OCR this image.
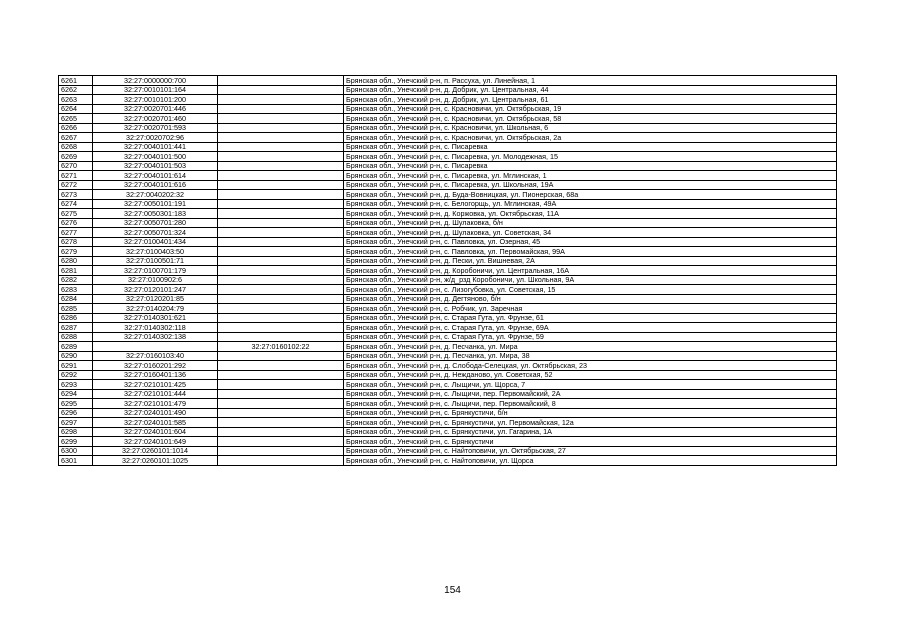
6261	32:27:0000000:700		Брянская обл., Унечский р-н, п. Рассуха, ул. Линейная, 1
6262	32:27:0010101:164		Брянская обл., Унечский р-н, д. Добрик, ул. Центральная, 44
6263	32:27:0010101:200		Брянская обл., Унечский р-н, д. Добрик, ул. Центральная, 61
6264	32:27:0020701:446		Брянская обл., Унечский р-н, с. Красновичи, ул. Октябрьская, 19
6265	32:27:0020701:460		Брянская обл., Унечский р-н, с. Красновичи, ул. Октябрьская, 58
6266	32:27:0020701:593		Брянская обл., Унечский р-н, с. Красновичи, ул. Школьная, 6
6267	32:27:0020702:96		Брянская обл., Унечский р-н, с. Красновичи, ул. Октябрьская, 2а
6268	32:27:0040101:441		Брянская обл., Унечский р-н, с. Писаревка
6269	32:27:0040101:500		Брянская обл., Унечский р-н, с. Писаревка, ул. Молодежная, 15
6270	32:27:0040101:503		Брянская обл., Унечский р-н, с. Писаревка
6271	32:27:0040101:614		Брянская обл., Унечский р-н, с. Писаревка, ул. Мглинская, 1
6272	32:27:0040101:616		Брянская обл., Унечский р-н, с. Писаревка, ул. Школьная, 19А
6273	32:27:0040202:32		Брянская обл., Унечский р-н, д. Буда-Вовницкая, ул. Пионерская, 68а
6274	32:27:0050101:191		Брянская обл., Унечский р-н, с. Белогорщь, ул. Мглинская, 49А
6275	32:27:0050301:183		Брянская обл., Унечский р-н, д. Коржовка, ул. Октябрьская, 11А
6276	32:27:0050701:280		Брянская обл., Унечский р-н, д. Шулаковка, б/н
6277	32:27:0050701:324		Брянская обл., Унечский р-н, д. Шулаковка, ул. Советская, 34
6278	32:27:0100401:434		Брянская обл., Унечский р-н, с. Павловка, ул. Озерная, 45
6279	32:27:0100403:50		Брянская обл., Унечский р-н, с. Павловка, ул. Первомайская, 99А
6280	32:27:0100501:71		Брянская обл., Унечский р-н, д. Пески, ул. Вишневая, 2А
6281	32:27:0100701:179		Брянская обл., Унечский р-н, д. Коробоничи, ул. Центральная, 16А
6282	32:27:0100902:6		Брянская обл., Унечский р-н, ж/д_рзд Коробоничи, ул. Школьная, 9А
6283	32:27:0120101:247		Брянская обл., Унечский р-н, с. Лизогубовка, ул. Советская, 15
6284	32:27:0120201:85		Брянская обл., Унечский р-н, д. Дегтяново, б/н
6285	32:27:0140204:79		Брянская обл., Унечский р-н, с. Робчик, ул. Заречная
6286	32:27:0140301:621		Брянская обл., Унечский р-н, с. Старая Гута, ул. Фрунзе, 61
6287	32:27:0140302:118		Брянская обл., Унечский р-н, с. Старая Гута, ул. Фрунзе, 69А
6288	32:27:0140302:138		Брянская обл., Унечский р-н, с. Старая Гута, ул. Фрунзе, 59
6289		32:27:0160102:22	Брянская обл., Унечский р-н, д. Песчанка, ул. Мира
6290	32:27:0160103:40		Брянская обл., Унечский р-н, д. Песчанка, ул. Мира, 38
6291	32:27:0160201:292		Брянская обл., Унечский р-н, д. Слобода-Селецкая, ул. Октябрьская, 23
6292	32:27:0160401:136		Брянская обл., Унечский р-н, д. Неждановo, ул. Советская, 52
6293	32:27:0210101:425		Брянская обл., Унечский р-н, с. Лыщичи, ул. Щорса, 7
6294	32:27:0210101:444		Брянская обл., Унечский р-н, с. Лыщичи, пер. Первомайский, 2А
6295	32:27:0210101:479		Брянская обл., Унечский р-н, с. Лыщичи, пер. Первомайский, 8
6296	32:27:0240101:490		Брянская обл., Унечский р-н, с. Брянкустичи, б/н
6297	32:27:0240101:585		Брянская обл., Унечский р-н, с. Брянкустичи, ул. Первомайская, 12а
6298	32:27:0240101:604		Брянская обл., Унечский р-н, с. Брянкустичи, ул. Гагарина, 1А
6299	32:27:0240101:649		Брянская обл., Унечский р-н, с. Брянкустичи
6300	32:27:0260101:1014		Брянская обл., Унечский р-н, с. Найтоповичи, ул. Октябрьская, 27
6301	32:27:0260101:1025		Брянская обл., Унечский р-н, с. Найтоповичи, ул. Щорса
154
